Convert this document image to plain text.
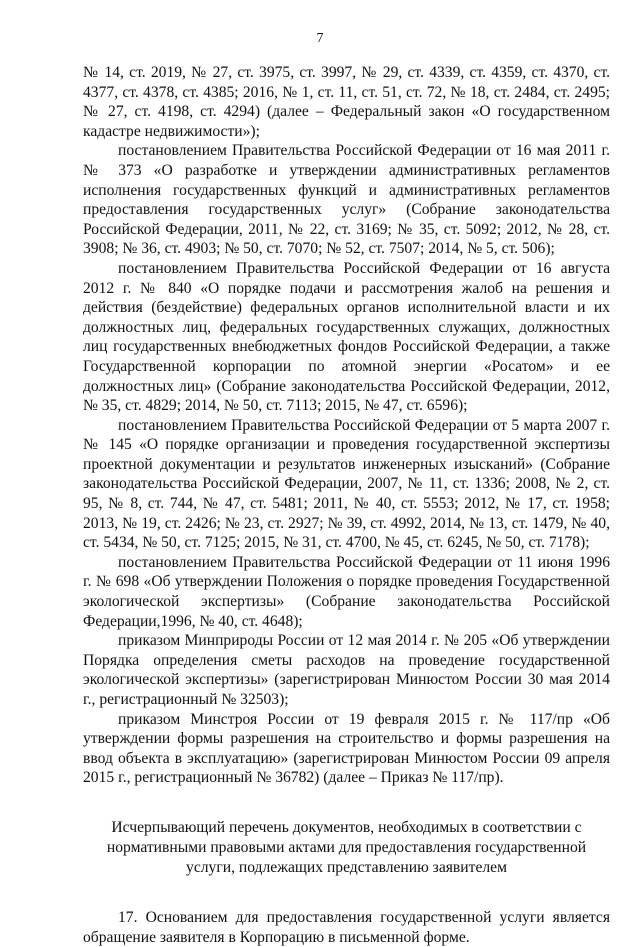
7

№ 14, ст. 2019, № 27, ст. 3975, ст. 3997, № 29, ст. 4339, ст. 4359, ст. 4370, ст. 4377, ст. 4378, ст. 4385; 2016, № 1, ст. 11, ст. 51, ст. 72, № 18, ст. 2484, ст. 2495; № 27, ст. 4198, ст. 4294) (далее – Федеральный закон «О государственном кадастре недвижимости»);

постановлением Правительства Российской Федерации от 16 мая 2011 г. № 373 «О разработке и утверждении административных регламентов исполнения государственных функций и административных регламентов предоставления государственных услуг» (Собрание законодательства Российской Федерации, 2011, № 22, ст. 3169; № 35, ст. 5092; 2012, № 28, ст. 3908; № 36, ст. 4903; № 50, ст. 7070; № 52, ст. 7507; 2014, № 5, ст. 506);

постановлением Правительства Российской Федерации от 16 августа 2012 г. № 840 «О порядке подачи и рассмотрения жалоб на решения и действия (бездействие) федеральных органов исполнительной власти и их должностных лиц, федеральных государственных служащих, должностных лиц государственных внебюджетных фондов Российской Федерации, а также Государственной корпорации по атомной энергии «Росатом» и ее должностных лиц» (Собрание законодательства Российской Федерации, 2012, № 35, ст. 4829; 2014, № 50, ст. 7113; 2015, № 47, ст. 6596);

постановлением Правительства Российской Федерации от 5 марта 2007 г. № 145 «О порядке организации и проведения государственной экспертизы проектной документации и результатов инженерных изысканий» (Собрание законодательства Российской Федерации, 2007, № 11, ст. 1336; 2008, № 2, ст. 95, № 8, ст. 744, № 47, ст. 5481; 2011, № 40, ст. 5553; 2012, № 17, ст. 1958; 2013, № 19, ст. 2426; № 23, ст. 2927; № 39, ст. 4992, 2014, № 13, ст. 1479, № 40, ст. 5434, № 50, ст. 7125; 2015, № 31, ст. 4700, № 45, ст. 6245, № 50, ст. 7178);

постановлением Правительства Российской Федерации от 11 июня 1996 г. № 698 «Об утверждении Положения о порядке проведения Государственной экологической экспертизы» (Собрание законодательства Российской Федерации,1996, № 40, ст. 4648);

приказом Минприроды России от 12 мая 2014 г. № 205 «Об утверждении Порядка определения сметы расходов на проведение государственной экологической экспертизы» (зарегистрирован Минюстом России 30 мая 2014 г., регистрационный № 32503);

приказом Минстроя России от 19 февраля 2015 г. № 117/пр «Об утверждении формы разрешения на строительство и формы разрешения на ввод объекта в эксплуатацию» (зарегистрирован Минюстом России 09 апреля 2015 г., регистрационный № 36782) (далее – Приказ № 117/пр).

Исчерпывающий перечень документов, необходимых в соответствии с нормативными правовыми актами для предоставления государственной услуги, подлежащих представлению заявителем

17. Основанием для предоставления государственной услуги является обращение заявителя в Корпорацию в письменной форме.
